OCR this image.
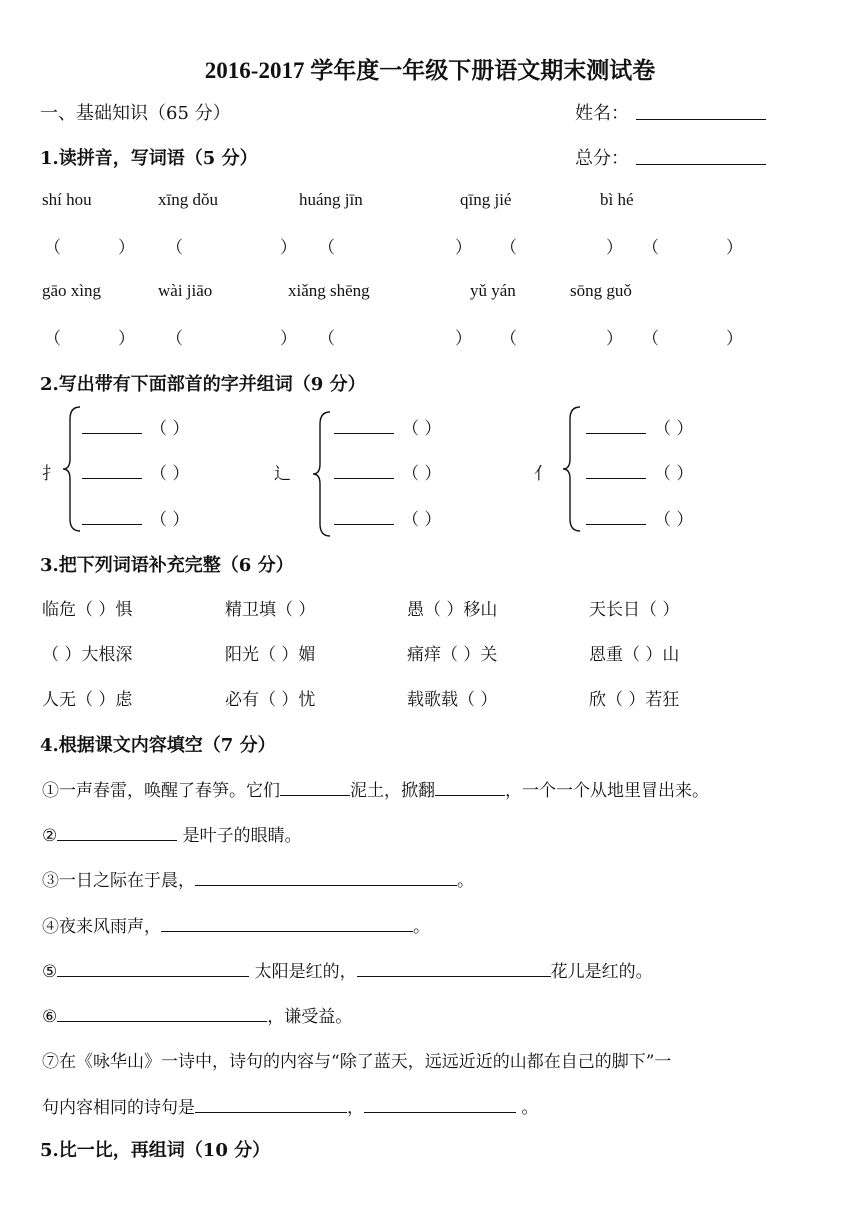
2016-2017 学年度一年级下册语文期末测试卷
一、基础知识（65 分）	姓名：
1.读拼音，写词语（5 分）	总分：
shí hou	xīng dǒu	huáng jīn	qīng jié	bì hé
（	） （	） （	） （	） （	）
gāo xìng	wài jiāo	xiǎng shēng	yǔ yán	sōng guǒ
（	） （	） （	） （	） （	）
2.写出带有下面部首的字并组词（9 分）
扌
（ ）
（ ）
（ ）
辶
（ ）
（ ）
（ ）
亻
（ ）
（ ）
（ ）
3.把下列词语补充完整（6 分）
临危（ ）惧	精卫填（ ）	愚（ ）移山	天长日（ ）
（ ）大根深	阳光（ ）媚	痛痒（ ）关	恩重（ ）山
人无（ ）虑	必有（ ）忧	载歌载（ ）	欣（ ）若狂
4.根据课文内容填空（7 分）
①一声春雷，唤醒了春笋。它们	泥土，掀翻	，一个一个从地里冒出来。
②	是叶子的眼睛。
③一日之际在于晨，	。
④夜来风雨声，	。
⑤	太阳是红的，	花儿是红的。
⑥	，谦受益。
⑦在《咏华山》一诗中，诗句的内容与“除了蓝天，远远近近的山都在自己的脚下”一
句内容相同的诗句是	，	。
5.比一比，再组词（10 分）
